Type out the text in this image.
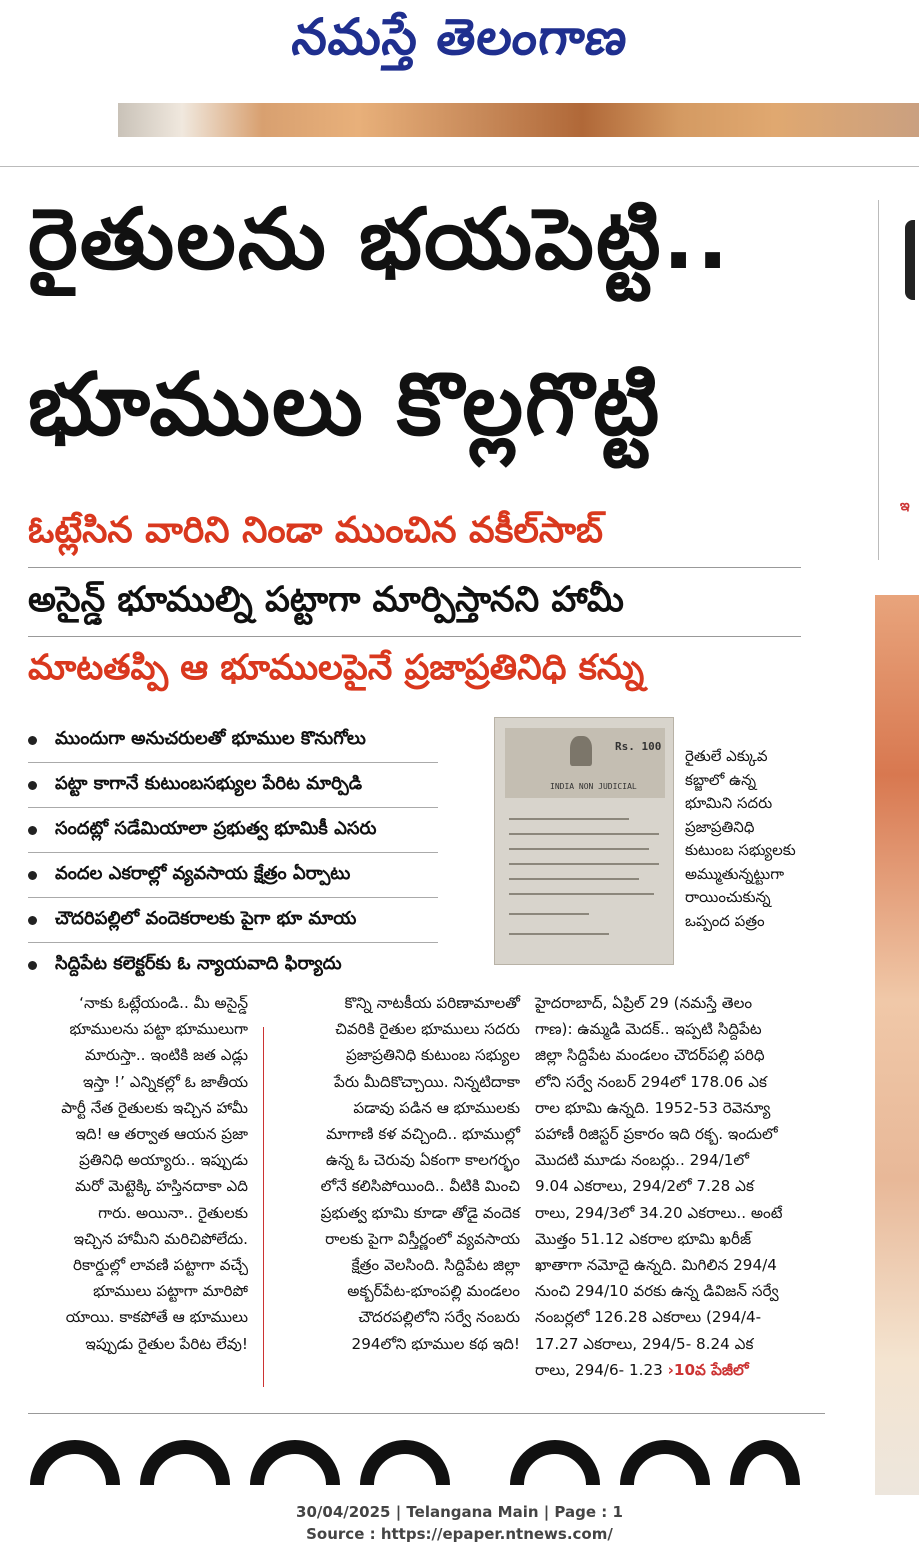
నమస్తే తెలంగాణ
రైతులను భయపెట్టి..
భూములు కొల్లగొట్టి
ఓట్లేసిన వారిని నిండా ముంచిన వకీల్‌సాబ్
అసైన్డ్ భూముల్ని పట్టాగా మార్పిస్తానని హామీ
మాటతప్పి ఆ భూములపైనే ప్రజాప్రతినిధి కన్ను
ముందుగా అనుచరులతో భూముల కొనుగోలు
పట్టా కాగానే కుటుంబసభ్యుల పేరిట మార్పిడి
సందట్లో సడేమియాలా ప్రభుత్వ భూమికీ ఎసరు
వందల ఎకరాల్లో వ్యవసాయ క్షేత్రం ఏర్పాటు
చౌదరిపల్లిలో వందెకరాలకు పైగా భూ మాయ
సిద్దిపేట కలెక్టర్‌కు ఓ న్యాయవాది ఫిర్యాదు
Rs. 100
INDIA NON JUDICIAL
రైతులే ఎక్కువ
కబ్జాలో ఉన్న
భూమిని సదరు
ప్రజాప్రతినిధి
కుటుంబ సభ్యులకు
అమ్ముతున్నట్టుగా
రాయించుకున్న
ఒప్పంద పత్రం
‘నాకు ఓట్లేయండి.. మీ అసైన్డ్
భూములను పట్టా భూములుగా
మారుస్తా.. ఇంటికి జత ఎడ్లు
ఇస్తా !’ ఎన్నికల్లో ఓ జాతీయ
పార్టీ నేత రైతులకు ఇచ్చిన హామీ
ఇది! ఆ తర్వాత ఆయన ప్రజా
ప్రతినిధి అయ్యారు.. ఇప్పుడు
మరో మెట్టెక్కి హస్తినదాకా ఎది
గారు. అయినా.. రైతులకు
ఇచ్చిన హామీని మరిచిపోలేదు.
రికార్డుల్లో లావణి పట్టాగా వచ్చే
భూములు పట్టాగా మారిపో
యాయి. కాకపోతే ఆ భూములు
ఇప్పుడు రైతుల పేరిట లేవు!
కొన్ని నాటకీయ పరిణామాలతో
చివరికి రైతుల భూములు సదరు
ప్రజాప్రతినిధి కుటుంబ సభ్యుల
పేరు మీదికొచ్చాయి. నిన్నటిదాకా
పడావు పడిన ఆ భూములకు
మాగాణి కళ వచ్చింది.. భూముల్లో
ఉన్న ఓ చెరువు ఏకంగా కాలగర్భం
లోనే కలిసిపోయింది.. వీటికి మించి
ప్రభుత్వ భూమి కూడా తోడై వందెక
రాలకు పైగా విస్తీర్ణంలో వ్యవసాయ
క్షేత్రం వెలసింది. సిద్దిపేట జిల్లా
అక్బర్‌పేట-భూంపల్లి మండలం
చౌదరపల్లిలోని సర్వే నంబరు
294లోని భూముల కథ ఇది!
హైదరాబాద్, ఏప్రిల్ 29 (నమస్తే తెలం
గాణ): ఉమ్మడి మెదక్.. ఇప్పటి సిద్దిపేట
జిల్లా సిద్దిపేట మండలం చౌదర్‌పల్లి పరిధి
లోని సర్వే నంబర్ 294లో 178.06 ఎక
రాల భూమి ఉన్నది. 1952-53 రెవెన్యూ
పహాణీ రిజిస్టర్ ప్రకారం ఇది రక్బ. ఇందులో
మొదటి మూడు నంబర్లు.. 294/1లో
9.04 ఎకరాలు, 294/2లో 7.28 ఎక
రాలు, 294/3లో 34.20 ఎకరాలు.. అంటే
మొత్తం 51.12 ఎకరాల భూమి ఖరీజ్
ఖాతాగా నమోదై ఉన్నది. మిగిలిన 294/4
నుంచి 294/10 వరకు ఉన్న డివిజన్ సర్వే
నంబర్లలో 126.28 ఎకరాలు (294/4-
17.27 ఎకరాలు, 294/5- 8.24 ఎక
రాలు, 294/6- 1.23 ›10వ పేజీలో
ఇ
30/04/2025 | Telangana Main | Page : 1
Source : https://epaper.ntnews.com/
